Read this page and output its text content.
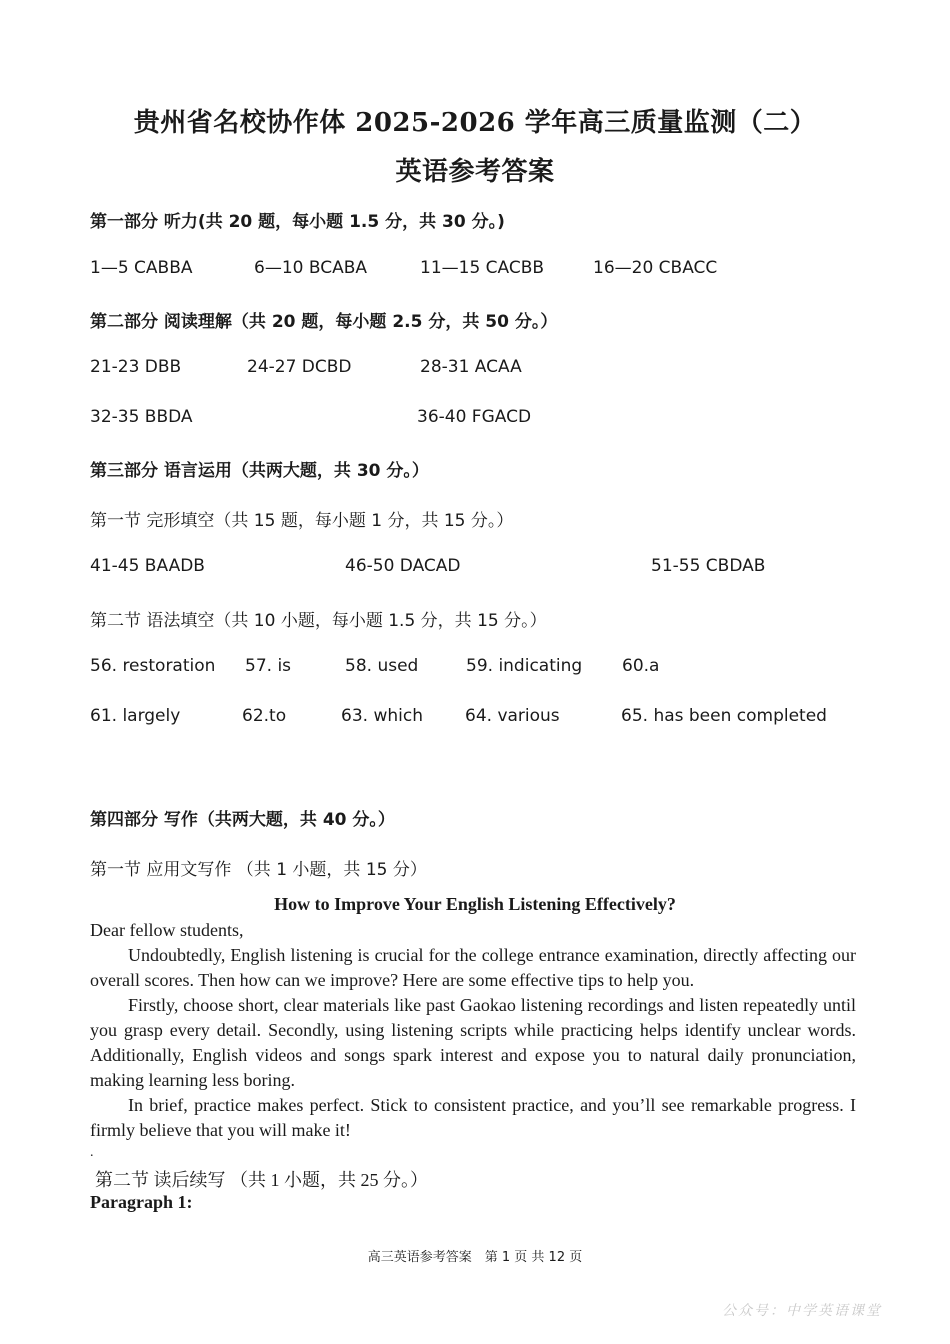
贵州省名校协作体 2025-2026 学年高三质量监测（二）
英语参考答案
第一部分 听力(共 20 题，每小题 1.5 分，共 30 分。)
1—5 CABBA	6—10 BCABA	11—15 CACBB	16—20 CBACC
第二部分 阅读理解（共 20 题，每小题 2.5 分，共 50 分。）
21-23 DBB	24-27 DCBD	28-31 ACAA
32-35 BBDA	36-40 FGACD
第三部分 语言运用（共两大题，共 30 分。）
第一节 完形填空（共 15 题，每小题 1 分，共 15 分。）
41-45 BAADB	46-50 DACAD	51-55 CBDAB
第二节 语法填空（共 10 小题，每小题 1.5 分，共 15 分。）
56. restoration 57. is	58. used	59. indicating 60.a
61. largely	62.to	63. which 64. various	65. has been completed
第四部分 写作（共两大题，共 40 分。）
第一节 应用文写作 （共 1 小题，共 15 分）
How to Improve Your English Listening Effectively?

Dear fellow students,

Undoubtedly, English listening is crucial for the college entrance examination, directly affecting our overall scores. Then how can we improve? Here are some effective tips to help you.

Firstly, choose short, clear materials like past Gaokao listening recordings and listen repeatedly until you grasp every detail. Secondly, using listening scripts while practicing helps identify unclear words. Additionally, English videos and songs spark interest and expose you to natural daily pronunciation, making learning less boring.

In brief, practice makes perfect. Stick to consistent practice, and you’ll see remarkable progress. I firmly believe that you will make it!

.
第二节 读后续写 （共 1 小题，共 25 分。）
Paragraph 1:
高三英语参考答案　第 1 页 共 12 页
公众号：中学英语课堂
